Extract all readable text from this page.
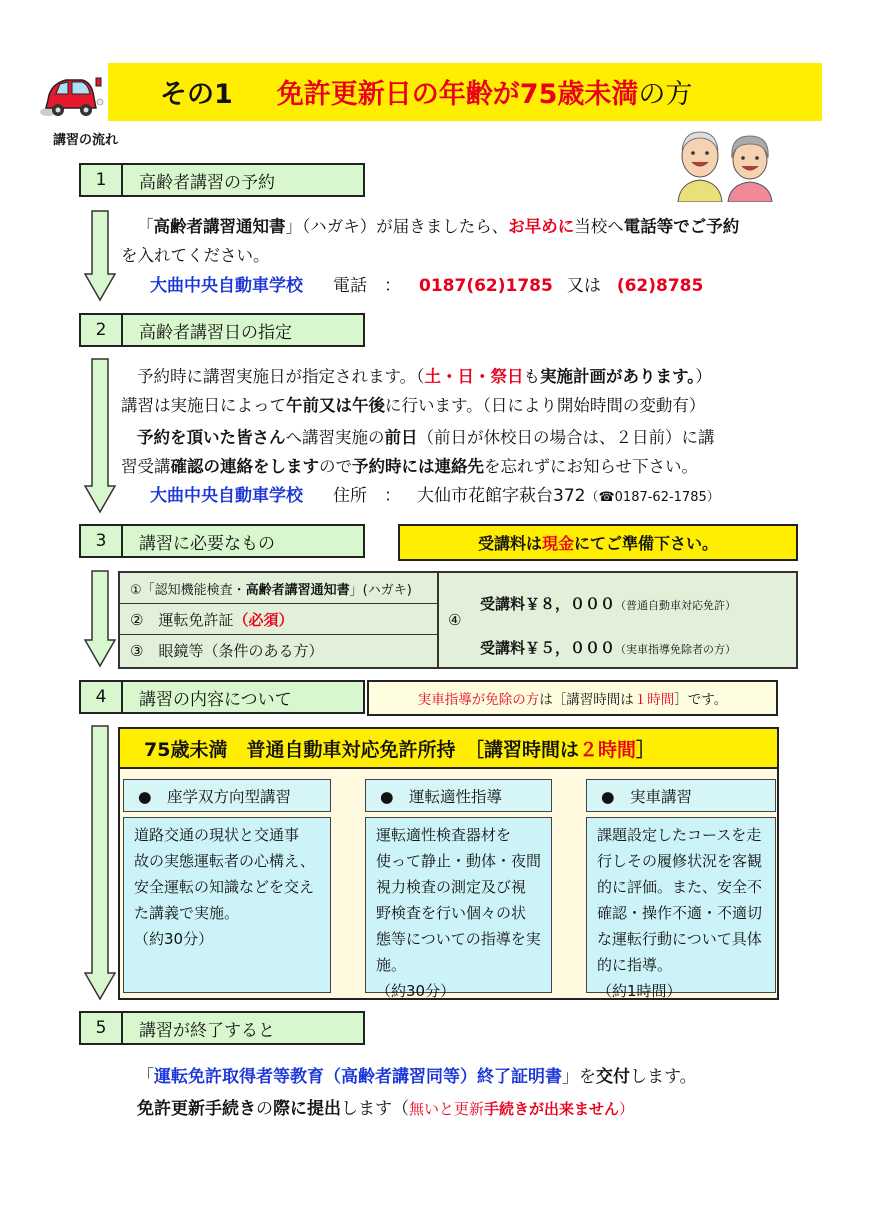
その1 免許更新日の年齢が75歳未満の方
講習の流れ
1	高齢者講習の予約
「高齢者講習通知書」（ハガキ）が届きましたら、お早めに当校へ電話等でご予約
を入れてください。
大曲中央自動車学校 電話　： 0187(62)1785 又は (62)8785
2	高齢者講習日の指定
予約時に講習実施日が指定されます。（土・日・祭日も実施計画があります。）
講習は実施日によって午前又は午後に行います。（日により開始時間の変動有）
予約を頂いた皆さんへ講習実施の前日（前日が休校日の場合は、２日前）に講
習受講確認の連絡をしますので予約時には連絡先を忘れずにお知らせ下さい。
大曲中央自動車学校 住所　： 大仙市花館字萩台372（☎0187-62-1785）
3	講習に必要なもの	受講料は 現金 にてご準備下さい。
①「認知機能検査・ 高齢者講習通知書 」(ハガキ)
②　運転免許証 （必須）
③　眼鏡等（条件のある方）
④
受講料￥８，０００（普通自動車対応免許）
受講料￥５，０００（実車指導免除者の方）
4	講習の内容について	実車指導が免除の方 は［講習時間は １時間 ］です。
75歳未満　普通自動車対応免許所持　［講習時間は ２時間 ］
●　座学双方向型講習
道路交通の現状と交通事
故の実態運転者の心構え、
安全運転の知識などを交え
た講義で実施。
（約30分）
●　運転適性指導
運転適性検査器材を
使って静止・動体・夜間
視力検査の測定及び視
野検査を行い個々の状
態等についての指導を実
施。
（約30分）
●　実車講習
課題設定したコースを走
行しその履修状況を客観
的に評価。また、安全不
確認・操作不適・不適切
な運転行動について具体
的に指導。
（約1時間）
5	講習が終了すると
「運転免許取得者等教育（高齢者講習同等）終了証明書」を交付します。
免許更新手続きの際に提出します（無いと更新手続きが出来ません）
